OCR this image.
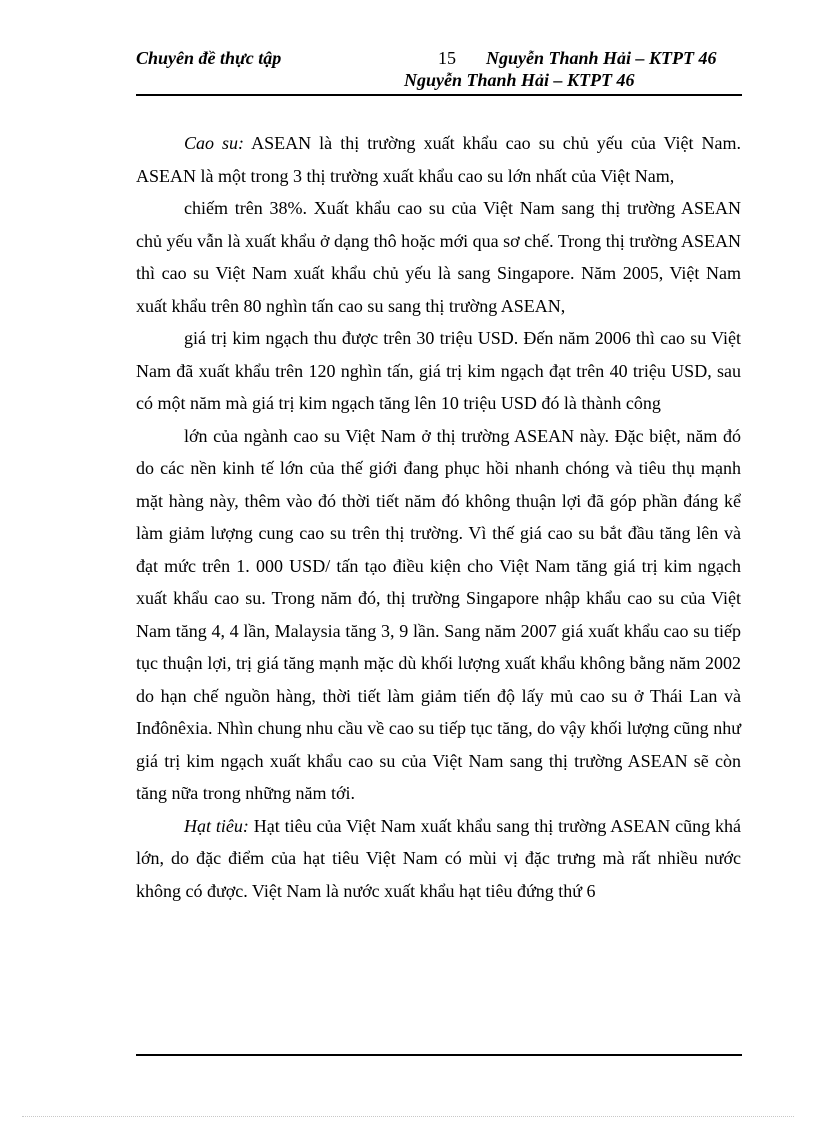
Chuyên đề thực tập	15 Nguyễn Thanh Hải – KTPT 46
Nguyễn Thanh Hải – KTPT 46

Cao su: ASEAN là thị trường xuất khẩu cao su chủ yếu của Việt Nam. ASEAN là một trong 3 thị trường xuất khẩu cao su lớn nhất của Việt Nam,

chiếm trên 38%. Xuất khẩu cao su của Việt Nam sang thị trường ASEAN chủ yếu vẫn là xuất khẩu ở dạng thô hoặc mới qua sơ chế. Trong thị trường ASEAN thì cao su Việt Nam xuất khẩu chủ yếu là sang Singapore. Năm 2005, Việt Nam xuất khẩu trên 80 nghìn tấn cao su sang thị trường ASEAN,

giá trị kim ngạch thu được trên 30 triệu USD. Đến năm 2006 thì cao su Việt Nam đã xuất khẩu trên 120 nghìn tấn, giá trị kim ngạch đạt trên 40 triệu USD, sau có một năm mà giá trị kim ngạch tăng lên 10 triệu USD đó là thành công

lớn của ngành cao su Việt Nam ở thị trường ASEAN này. Đặc biệt, năm đó do các nền kinh tế lớn của thế giới đang phục hồi nhanh chóng và tiêu thụ mạnh mặt hàng này, thêm vào đó thời tiết năm đó không thuận lợi đã góp phần đáng kể làm giảm lượng cung cao su trên thị trường. Vì thế giá cao su bắt đầu tăng lên và đạt mức trên 1. 000 USD/ tấn tạo điều kiện cho Việt Nam tăng giá trị kim ngạch xuất khẩu cao su. Trong năm đó, thị trường Singapore nhập khẩu cao su của Việt Nam tăng 4, 4 lần, Malaysia tăng 3, 9 lần. Sang năm 2007 giá xuất khẩu cao su tiếp tục thuận lợi, trị giá tăng mạnh mặc dù khối lượng xuất khẩu không bằng năm 2002 do hạn chế nguồn hàng, thời tiết làm giảm tiến độ lấy mủ cao su ở Thái Lan và Inđônêxia. Nhìn chung nhu cầu về cao su tiếp tục tăng, do vậy khối lượng cũng như giá trị kim ngạch xuất khẩu cao su của Việt Nam sang thị trường ASEAN sẽ còn tăng nữa trong những năm tới.

Hạt tiêu: Hạt tiêu của Việt Nam xuất khẩu sang thị trường ASEAN cũng khá lớn, do đặc điểm của hạt tiêu Việt Nam có mùi vị đặc trưng mà rất nhiều nước không có được. Việt Nam là nước xuất khẩu hạt tiêu đứng thứ 6
